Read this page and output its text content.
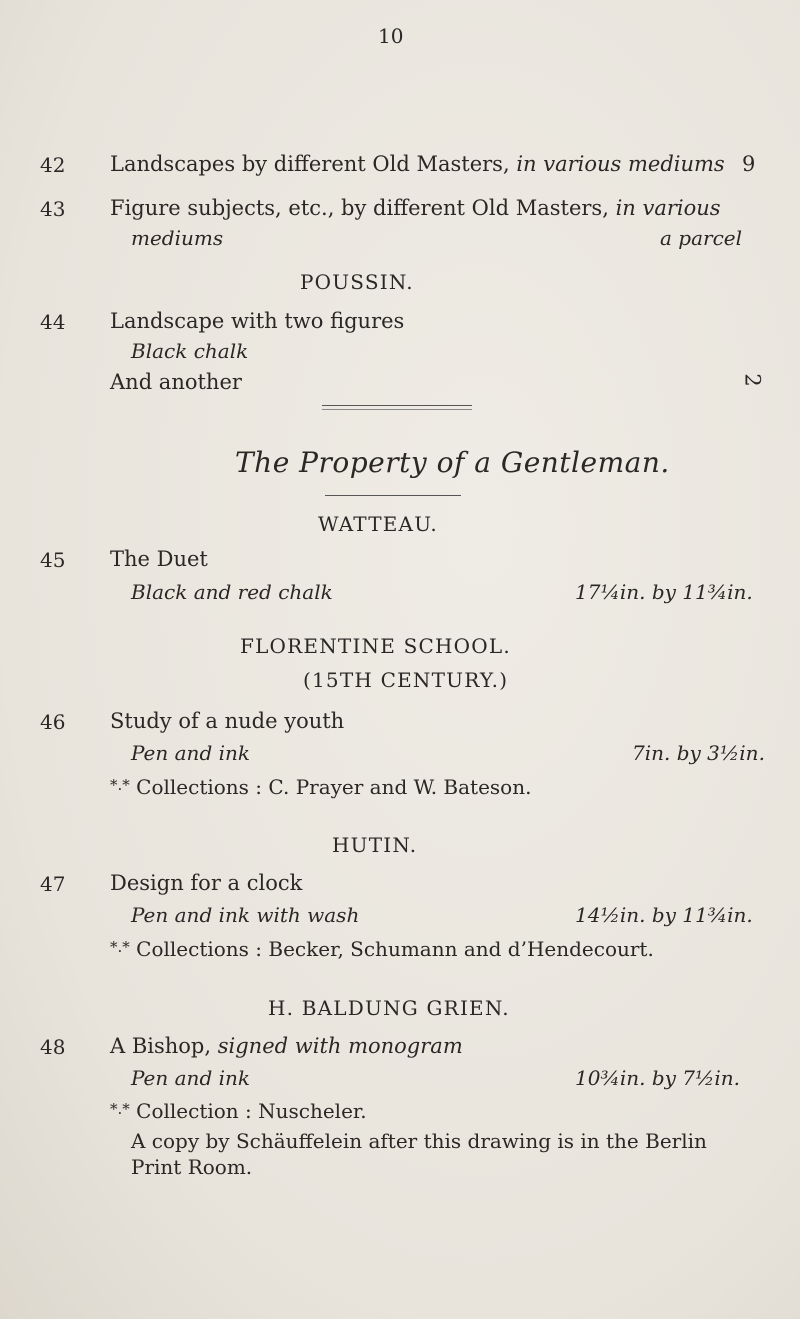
10
42 Landscapes by different Old Masters, in various mediums 9
43 Figure subjects, etc., by different Old Masters, in various
mediums	a parcel
POUSSIN.
44 Landscape with two figures
Black chalk
And another	2
The Property of a Gentleman.
WATTEAU.
45 The Duet
Black and red chalk	17¼in. by 11¾in.
FLORENTINE SCHOOL.
(15TH CENTURY.)
46 Study of a nude youth
Pen and ink	7in. by 3½in.
*.* Collections : C. Prayer and W. Bateson.
HUTIN.
47 Design for a clock
Pen and ink with wash	14½in. by 11¾in.
*.* Collections : Becker, Schumann and d’Hendecourt.
H. BALDUNG GRIEN.
48 A Bishop, signed with monogram
Pen and ink	10¾in. by 7½in.
*.* Collection : Nuscheler.
A copy by Schäuffelein after this drawing is in the Berlin
Print Room.
